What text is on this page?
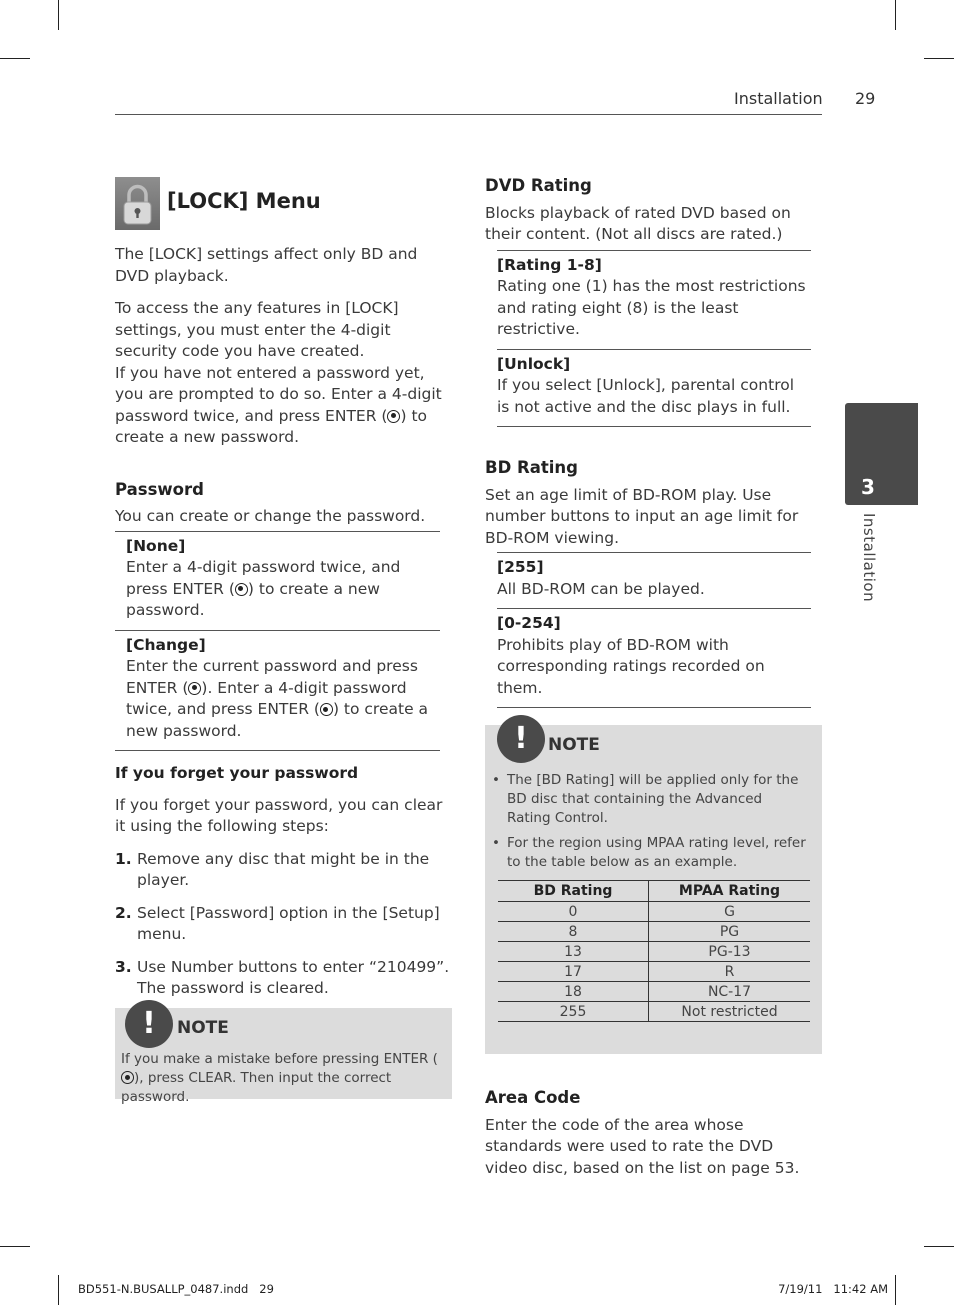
Installation 29
3
Installation
[LOCK] Menu

The [LOCK] settings affect only BD and DVD playback.

To access the any features in [LOCK] settings, you must enter the 4-digit security code you have created.
If you have not entered a password yet, you are prompted to do so. Enter a 4-digit password twice, and press ENTER ( ) to create a new password.

Password

You can create or change the password.

[None]
Enter a 4-digit password twice, and press ENTER ( ) to create a new password.
[Change]
Enter the current password and press ENTER ( ). Enter a 4-digit password twice, and press ENTER ( ) to create a new password.
If you forget your password

If you forget your password, you can clear it using the following steps:

1. Remove any disc that might be in the player.
2. Select [Password] option in the [Setup] menu.
3. Use Number buttons to enter “210499”. The password is cleared.
!	NOTE
If you make a mistake before pressing ENTER (), press CLEAR. Then input the correct password.
DVD Rating

Blocks playback of rated DVD based on their content. (Not all discs are rated.)

[Rating 1-8]
Rating one (1) has the most restrictions and rating eight (8) is the least restrictive.
[Unlock]
If you select [Unlock], parental control is not active and the disc plays in full.
BD Rating

Set an age limit of BD-ROM play. Use number buttons to input an age limit for BD-ROM viewing.

[255]
All BD-ROM can be played.
[0-254]
Prohibits play of BD-ROM with corresponding ratings recorded on them.
!	NOTE
• The [BD Rating] will be applied only for the BD disc that containing the Advanced Rating Control.
• For the region using MPAA rating level, refer to the table below as an example.
BD Rating	MPAA Rating
0	G
8	PG
13	PG-13
17	R
18	NC-17
255	Not restricted
Area Code

Enter the code of the area whose standards were used to rate the DVD video disc, based on the list on page 53.

BD551-N.BUSALLP_0487.indd   29	7/19/11   11:42 AM
